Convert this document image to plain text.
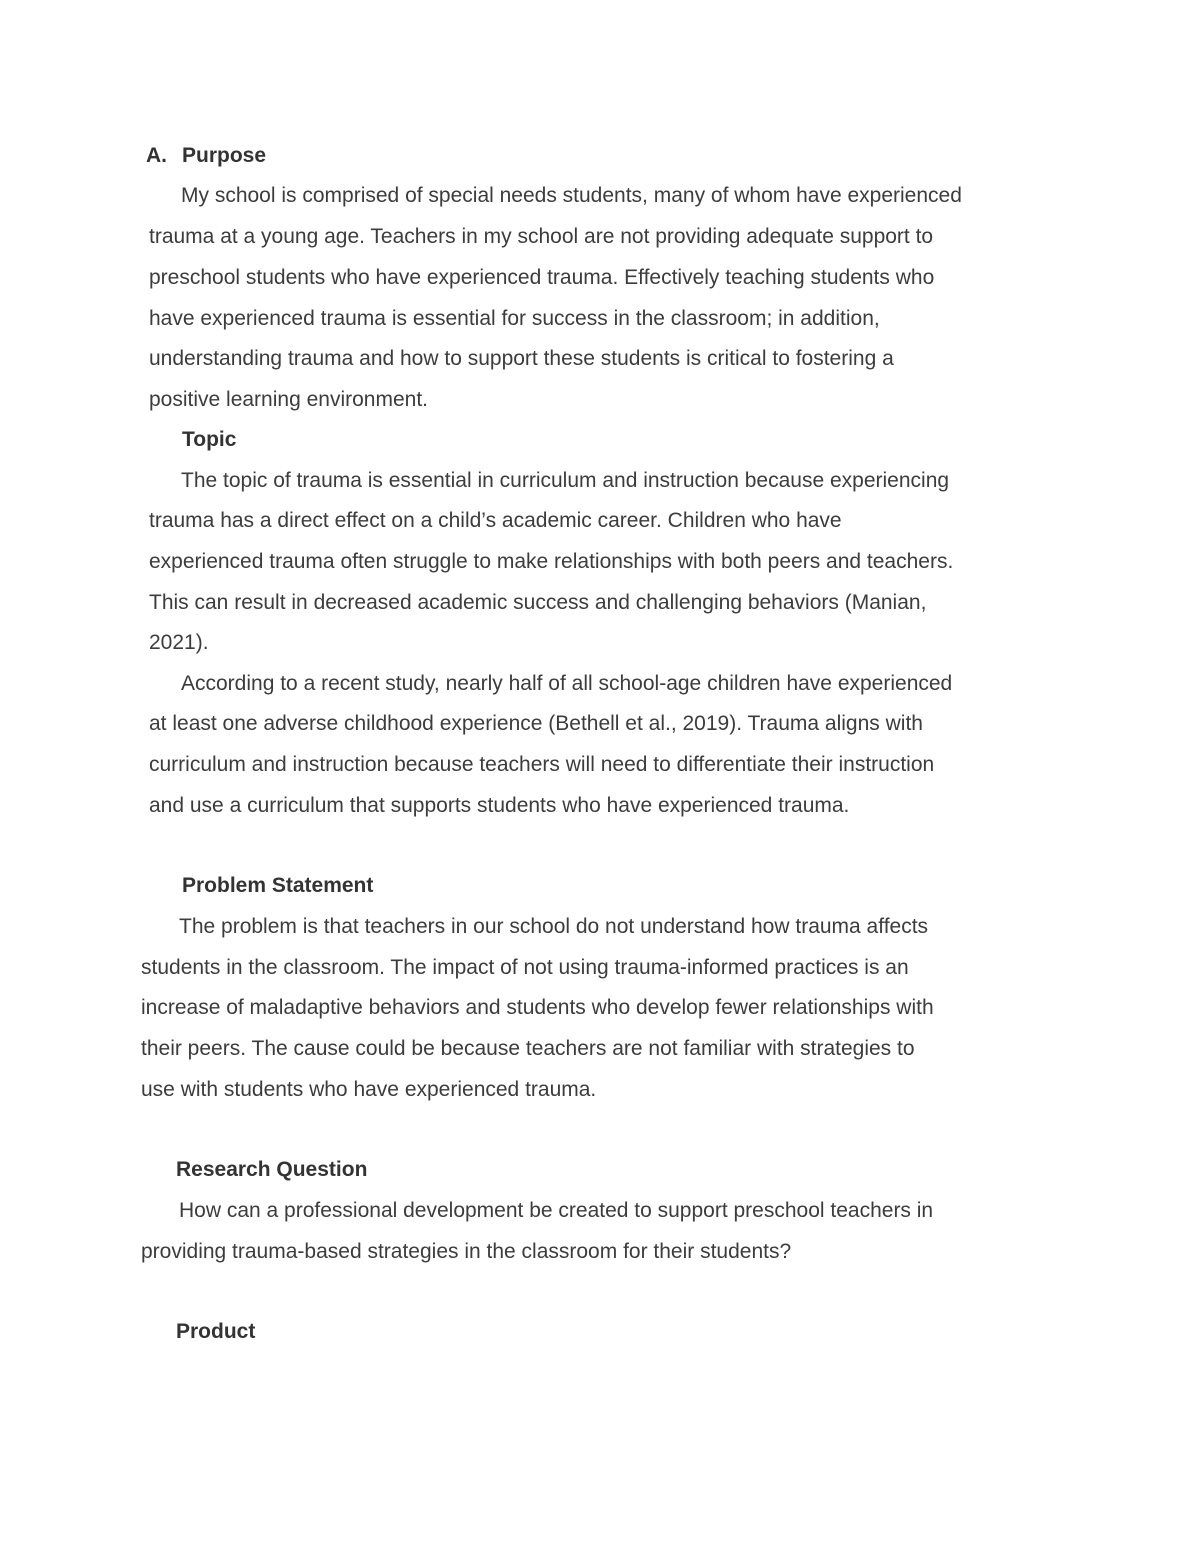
A. Purpose
My school is comprised of special needs students, many of whom have experienced
trauma at a young age. Teachers in my school are not providing adequate support to
preschool students who have experienced trauma. Effectively teaching students who
have experienced trauma is essential for success in the classroom; in addition,
understanding trauma and how to support these students is critical to fostering a
positive learning environment.
Topic
The topic of trauma is essential in curriculum and instruction because experiencing
trauma has a direct effect on a child’s academic career. Children who have
experienced trauma often struggle to make relationships with both peers and teachers.
This can result in decreased academic success and challenging behaviors (Manian,
2021).
According to a recent study, nearly half of all school-age children have experienced
at least one adverse childhood experience (Bethell et al., 2019). Trauma aligns with
curriculum and instruction because teachers will need to differentiate their instruction
and use a curriculum that supports students who have experienced trauma.
Problem Statement
The problem is that teachers in our school do not understand how trauma affects
students in the classroom. The impact of not using trauma-informed practices is an
increase of maladaptive behaviors and students who develop fewer relationships with
their peers. The cause could be because teachers are not familiar with strategies to
use with students who have experienced trauma.
Research Question
How can a professional development be created to support preschool teachers in
providing trauma-based strategies in the classroom for their students?
Product
